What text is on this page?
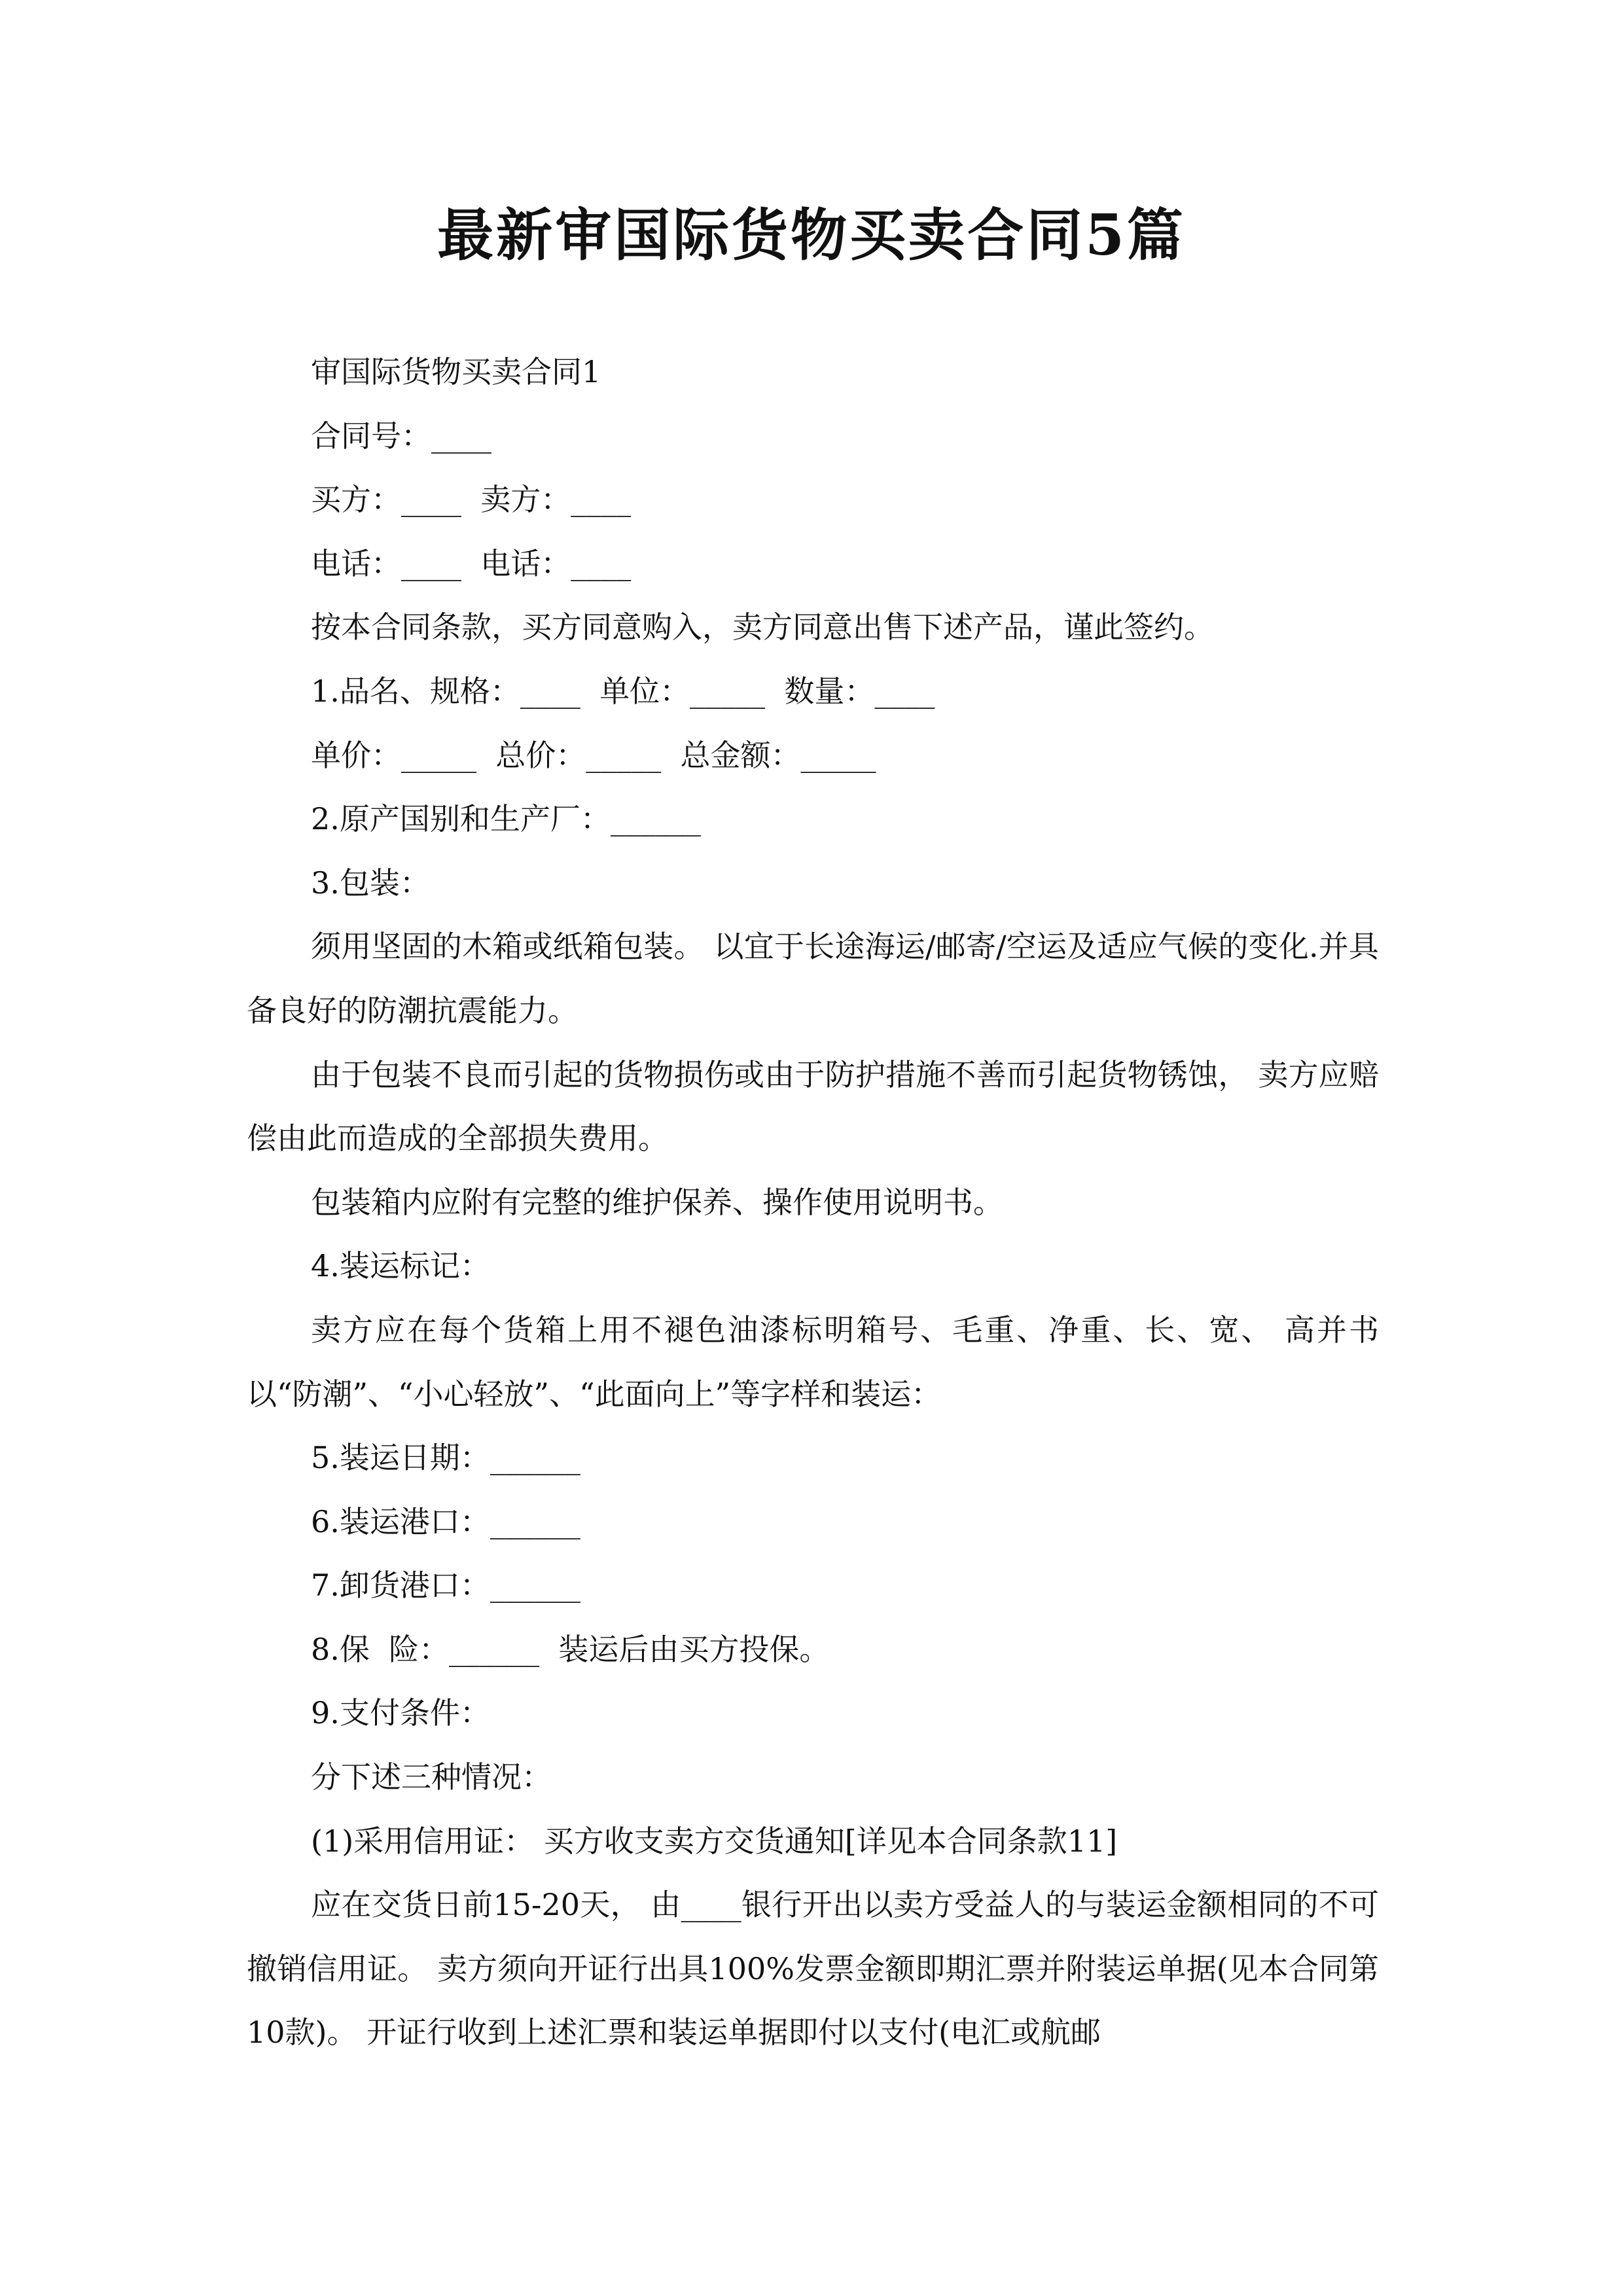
最新审国际货物买卖合同5篇

审国际货物买卖合同1

合同号：____

买方：____  卖方：____

电话：____  电话：____

按本合同条款，买方同意购入，卖方同意出售下述产品，谨此签约。

1.品名、规格：____  单位：_____  数量：____

单价：_____  总价：_____  总金额：_____

2.原产国别和生产厂：______

3.包装：

须用坚固的木箱或纸箱包装。 以宜于长途海运/邮寄/空运及适应气候的变化.并具备良好的防潮抗震能力。

由于包装不良而引起的货物损伤或由于防护措施不善而引起货物锈蚀， 卖方应赔偿由此而造成的全部损失费用。

包装箱内应附有完整的维护保养、操作使用说明书。

4.装运标记：

卖方应在每个货箱上用不褪色油漆标明箱号、毛重、净重、长、宽、 高并书以“防潮”、“小心轻放”、“此面向上”等字样和装运：

5.装运日期：______

6.装运港口：______

7.卸货港口：______

8.保  险：______  装运后由买方投保。

9.支付条件：

分下述三种情况：

(1)采用信用证： 买方收支卖方交货通知[详见本合同条款11]

应在交货日前15-20天， 由____银行开出以卖方受益人的与装运金额相同的不可撤销信用证。 卖方须向开证行出具100%发票金额即期汇票并附装运单据(见本合同第10款)。 开证行收到上述汇票和装运单据即付以支付(电汇或航邮
